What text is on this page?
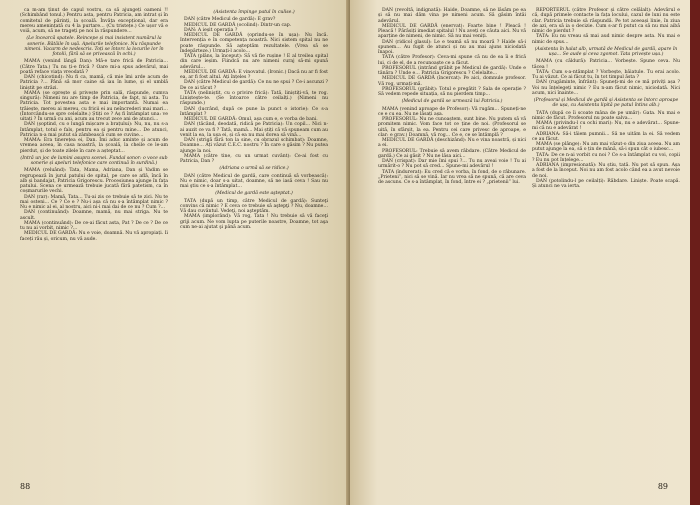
ca m-am ținut de capul vostru, ca să ajungeți oameni !! (Schimbând tonul.) Pentru asta, pentru Patricia, am intrat și în comitetul de părinți, la școală. Învăța excepțional, dar era mereu amenințată cu 4 la purtare… (Cu tristețe.) Ce ușor vă e voiă, acum, să ne trageți pe noi la răspundere…

(Le încearcă spatele. Reincepe și mai insistent numărul la sonerie. Bătăile în ușă. Apelurile telefonice. Nu răspunde nimeni. Vacarm de nedescris. Toți se întorc la locurile lor în fotolii, fără să se privească în ochi.)

MAMA (venind lângă Dan): Mă-e tare frică de Patricia… (Către Tata.) Tu nu ți-e frică ? Oare mi-a spus adevărul, mai poată reface viața vreodată ?

DAN (chicotind): Nu fi ca, mamă, că mie îmi arde acum de Patricia ?… Până să mor caine să iau în lume, și el umblă liniștit pe străzi.

MAMA (se oprește și privește prin sală, răspunde, cumva singură): Nimeni nu are timp de Patricia, de fapt, ni asta. Tu Patricia. Tot povestea asta e mai importantă. Numai ea trăiește, mereu ai mereu, cu fricii ei au neîncrederi mai mari… (Întorcându-se spre celelalte.) Știți ce ? Aș fi întâmplat una: ve uitați ? În urmă cu ani, acum au trecut zece ani de atunci…

DAN (șoptind, cu o lungă mișcare a brațului): Nu, nu, nu s-a întâmplat, totul e fals, pentru ea și pentru mine… De atunci, Patricia n-a mai putut să zâmbească cum se cuvine…

MAMA: Era tinerețea ei, Dan. Îmi aduc aminte și acum de vremea aceea, în casa noastră, la școală, la cheile ce le-am pierdut, și de toate zilele în care a așteptat…

(Intră un joc de lumini asupra scenei. Fundal sonor: o voce sub sonerie și apeluri telefonice care continuă în surdină.)

MAMA (reluând): Tata, Mama, Adriana, Dan și Vadim se regrupează în jurul patului de spital, pe care se află, încă în alb și bandajat, Patricia Grigorescu. Procesiunea ajunge în fața patului. Scena ce urmează trebuie jucată fără patetism, ca în coșmarurile vechi.

DAN (rar): Mamă, Tata… Tu-ai zis ce trebuie să te zici. Nu te mai osteni… Ce ? Ce e ? Nu-i așa că nu s-a întâmplat nimic ? Nu e nimic al ei, al nostru, aici ni-i mai dai de ce nu ? Cum ?…

DAN (continuând): Doamne, mamă, nu mai striga. Nu te ascult.

MAMA (continuând): De ce-ai făcut asta, Pat ? De ce ? De ce tu nu ai vorbit, nimic ?…

MEDICUL DE GARDĂ: Nu e voie, doamnă. Nu vă apropiați. Ii faceți rău și, oricum, nu vă aude.

(Asistenta împinge patul în culise.)

DAN (către Medicul de gardă): E grav?

MEDICUL DE GARDĂ (ocolind): Dintr-un cap.

DAN: A ieșit operația ?

MEDICUL DE GARDĂ (oprindu-se în ușa): Nu încă. Intervenția e în competența noastră. Nici sistem spital nu ne poate răspunde. Să așteptăm rezultatele. (Vrea să se îndepărteze.) Urmați-l acolo…

TATA (plâns, la început): Să vă fie rușine ! E al treilea spital din care ieșim. Fiindcă nu are nimeni curaj să-mi spună adevărul…

MEDICUL DE GARDĂ: E vinovatul. (Ironic.) Dacă nu ar fi fost ea, ar fi fost altul. Ați înțeles ?

DAN (către Medicul de gardă): Ce nu ne spui ? Ce-i ascunzi ? De ce ai tăcut ?

TATA (neliniștit, cu o privire frică): Tată, liniștiți-vă, te rog. Liniștește-te. (Se întoarce către ceilalți.) (Nimeni nu răspunde.)

DAN (lucrând, după ce pune la punct o istorie): Ce s-a întâmplat ?

MEDICUL DE GARDĂ: Omul, așa cum e, e vorba de bani.

DAN (tăcând, deodată, ridică pe Patricia): Un copil… Nici n-ai auzit ce va fi ? Tată, mamă… Mai știți că vă spuneam cum au venit la ea, la ușa ei, și că ea nu mai dorea să vină…

DAN (strigă fără ton la sine, cu obrazul schimbat): Doamne, Doamne… Ați văzut C.E.C. nostru ? În care o găsim ? Nu putea ajunge la noi.

MAMA (către tine, cu un urmat cuvânt): Ce-ai fost cu Patricia, Dan ?

(Adriana o urmă să se ridice.)

DAN (către Medicul de gardă, care continuă să vorbească): Nu e nimic, doar s-a uitat, doamne, să ne iasă ceva ! Sau nu mai ştiu ce s-a întâmplat…

(Medicul de gardă este aşteptat.)

TATA (după un timp, către Medicul de gardă): Sunteţi convins că nimic ? E ceva ce trebuie să aştepţi ? Nu, doamne… Vă dau cuvântul. Vedeţi, noi aşteptăm.

MAMA (implorând): Vă rog, Tata ! Nu trebuie să vă faceţi griji acum. Ne vom lupta pe puterile noastre, Doamne, tot aşa cum ne-ai ajutat şi până acum.

88

DAN (revoltă, indignată): Haide, Doamne, să ne lăsăm pe ea și să nu mai dăm vina pe nimeni acum. Să găsim întâi adevărul.

MEDICUL DE GARDĂ (enervat): Foarte bine ! Pleacă ! Pleacă ! Părăsiți imediat spitalul ! Nu aveți ce căuta aici. Nu vă aparține de nimeni, de nimic. Să nu mai veniți.

DAN (ridicol glasul): Le e teamă să nu moară ? Haide să-i spunem… Au fugit de atunci și nu au mai ajuns niciodată înapoi.

TATA (către Profesor): Ceva-mi spune că nu de ea îi e frică lui, ci de el, de a recunoaște ce a făcut.

PROFESORUL (intrând grăbit pe Medicul de gardă): Unde e tânăra ? Unde e… Patricia Grigorescu ? Celelalte…

MEDICUL DE GARDĂ (încercat): Pe aici, domnule profesor. Vă rog, urmați-mă.

PROFESORUL (grăbit): Totul e pregătit ? Sala de operație ? Să vedem repede situația, să nu pierdem timp…

(Medicul de gardă se urmează lui Patricia.)

MAMA (venind aproape de Profesor): Vă rugăm… Spuneți-ne ce e cu ea. Nu ne lăsați așa.

PROFESORUL: Nu ne cunoaștem, sunt bine. Nu putem să vă promitem nimic. Vom face tot ce ține de noi. (Profesorul se uită, în sfârșit, la ea. Pentru cei care privesc de aproape, e clar: e grav.) Doamnă, vă rog… Ce e, ce se întâmplă ?

MEDICUL DE GARDĂ (deschizând): Nu e vina noastră, și nici a ei.

PROFESORUL: Trebuie să avem răbdare. (Către Medicul de gardă.) Ce ai găsit ? Nu ne lăsa aici…

DAN (crispat): Dar mie îmi spui ?… Tu nu aveai voie ! Tu ai urmărit-o ? Nu pot să cred… Spune-mi adevărul !

TATA (îndurerat): Eu cred că e vorba, în fond, de o răbunare. „Prieteni”, nici să se vină. Iar nu vrea să ne spună, că are ceva de ascuns. Ce s-a întâmplat, în fond, între ei ? „prietenii” lui.

REPORTERUL (către Profesor și către celălalt): Adevărul e că, după primele contacte la fața locului, cazul de luni nu este clar. Patricia trebuie să răspundă. Pe tot aceeași linie, în ziua de azi, era să ia o decizie. Cum s-ar fi putut ca să nu mai aibă nimic de pierdut ?

TATA: Eu nu vreau să mai aud nimic despre asta. Nu mai e nimic de spus…

(Asistenta în halat alb, urmată de Medicul de gardă, apare în ușa… Se aude și ceva zgomot. Tata privește ușa.)

MAMA (cu căldură): Patricia… Vorbește. Spune ceva. Nu tăcea !

TATA: Cum s-a-ntâmplat ? Vorbește, băiatule. Tu erai acolo. Tu ai văzut. Ce ai făcut tu, în tot timpul ăsta ?

DAN (rugăminte, înfrânt): Spuneți-mi de ce mă priviți așa ? Voi nu înțelegeți nimic ? Eu n-am făcut nimic, niciodată. Nici acum, nici înainte…

(Profesorul și Medicul de gardă și Asistenta se întorc aproape de ușa, cu Asistenta lipită pe patul întins alb.)

TATA (după ce îi scoate mâna de pe umăr): Gata. Nu mai e nimic de făcut. Profesorul nu poate salva…

MAMA (privindu-l cu ochi mari): Nu, nu e adevărat… Spune-mi că nu e adevărat !

ADRIANA: Să-i tăiem pumnii… Să ne uităm la ei. Să vedem ce au făcut.

MAMA (se plânge): Nu am mai văzut-o din ziua aceea. Nu am putut ajunge la ea, să o țin de mână, să-i spun cât o iubesc…

TATA: De ce n-ai vorbit cu noi ? Ce s-a întâmplat cu voi, copii ? Eu nu pot înțelege…

ADRIANA (impresionată): Nu știu, tată. Nu pot să spun. Așa a fost de la început. Noi nu am fost acolo când ea a avut nevoie de noi.

DAN (potolindu-l pe ceilalți): Răbdare. Liniște. Poate scapă. Și atunci ne va ierta.

89
